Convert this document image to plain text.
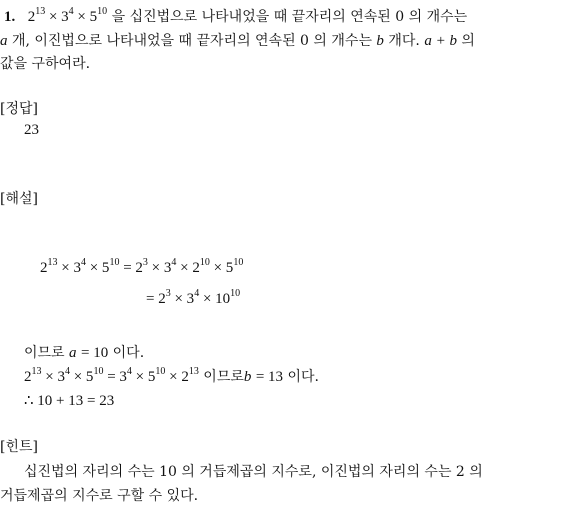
1. $2^{13} \times 3^4 \times 5^{10}$ 을 십진법으로 나타내었을 때 끝자리의 연속된 0 의 개수는
a 개, 이진법으로 나타내었을 때 끝자리의 연속된 0 의 개수는 b 개다. a + b 의
값을 구하여라.
[정답]
23
[해설]
$2^{13} \times 3^4 \times 5^{10} = 2^3 \times 3^4 \times 2^{10} \times 5^{10}$
= $2^3 \times 3^4 \times 10^{10}$
이므로 a = 10 이다.
$2^{13} \times 3^4 \times 5^{10} = 3^4 \times 5^{10} \times 2^{13}$ 이므로b = 13 이다.
∴ 10 + 13 = 23
[힌트]
십진법의 자리의 수는 10 의 거듭제곱의 지수로, 이진법의 자리의 수는 2 의
거듭제곱의 지수로 구할 수 있다.
